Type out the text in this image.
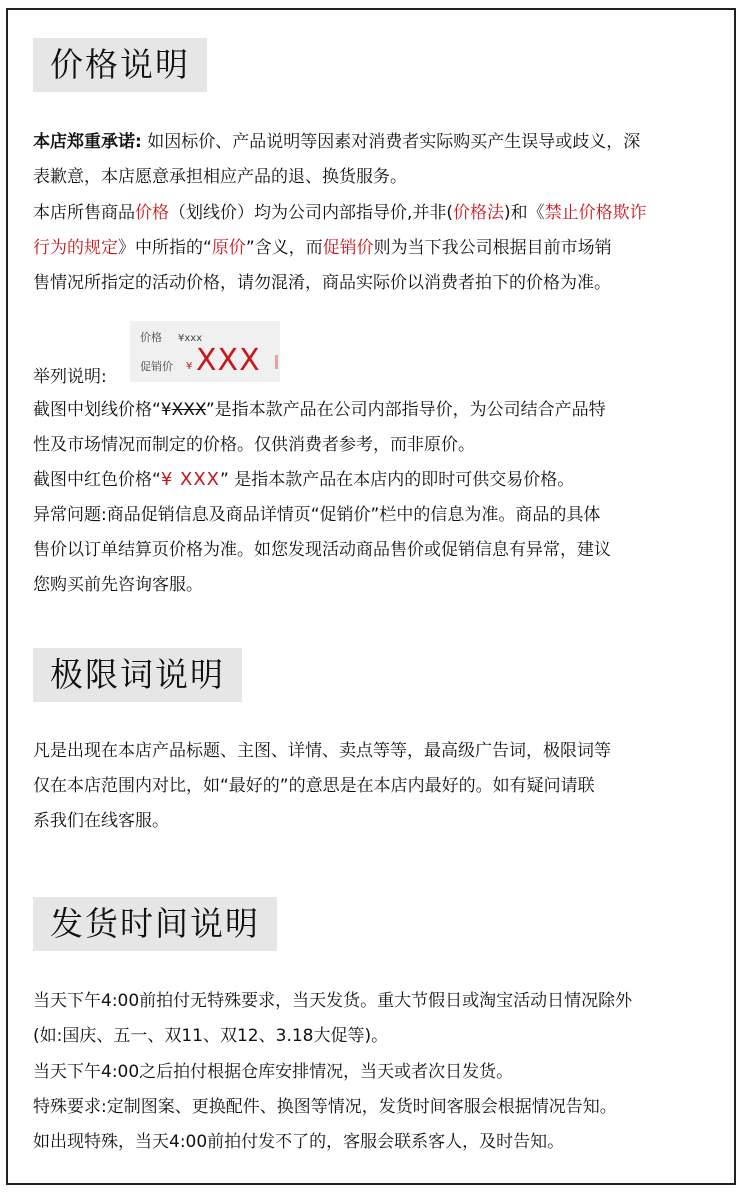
价格说明
本店郑重承诺: 如因标价、产品说明等因素对消费者实际购买产生误导或歧义，深
表歉意，本店愿意承担相应产品的退、换货服务。
本店所售商品价格（划线价）均为公司内部指导价,并非(价格法)和《禁止价格欺诈
行为的规定》中所指的“原价”含义，而促销价则为当下我公司根据目前市场销
售情况所指定的活动价格，请勿混淆，商品实际价以消费者拍下的价格为准。
举列说明:
价格 ¥xxx
促销价 ¥ XXX
截图中划线价格“¥XXX”是指本款产品在公司内部指导价，为公司结合产品特
性及市场情况而制定的价格。仅供消费者参考，而非原价。
截图中红色价格“¥ XXX” 是指本款产品在本店内的即时可供交易价格。
异常问题:商品促销信息及商品详情页“促销价”栏中的信息为准。商品的具体
售价以订单结算页价格为准。如您发现活动商品售价或促销信息有异常，建议
您购买前先咨询客服。
极限词说明
凡是出现在本店产品标题、主图、详情、卖点等等，最高级广告词，极限词等
仅在本店范围内对比，如“最好的”的意思是在本店内最好的。如有疑问请联
系我们在线客服。
发货时间说明
当天下午4:00前拍付无特殊要求，当天发货。重大节假日或淘宝活动日情况除外
(如:国庆、五一、双11、双12、3.18大促等)。
当天下午4:00之后拍付根据仓库安排情况，当天或者次日发货。
特殊要求:定制图案、更换配件、换图等情况，发货时间客服会根据情况告知。
如出现特殊，当天4:00前拍付发不了的，客服会联系客人，及时告知。
